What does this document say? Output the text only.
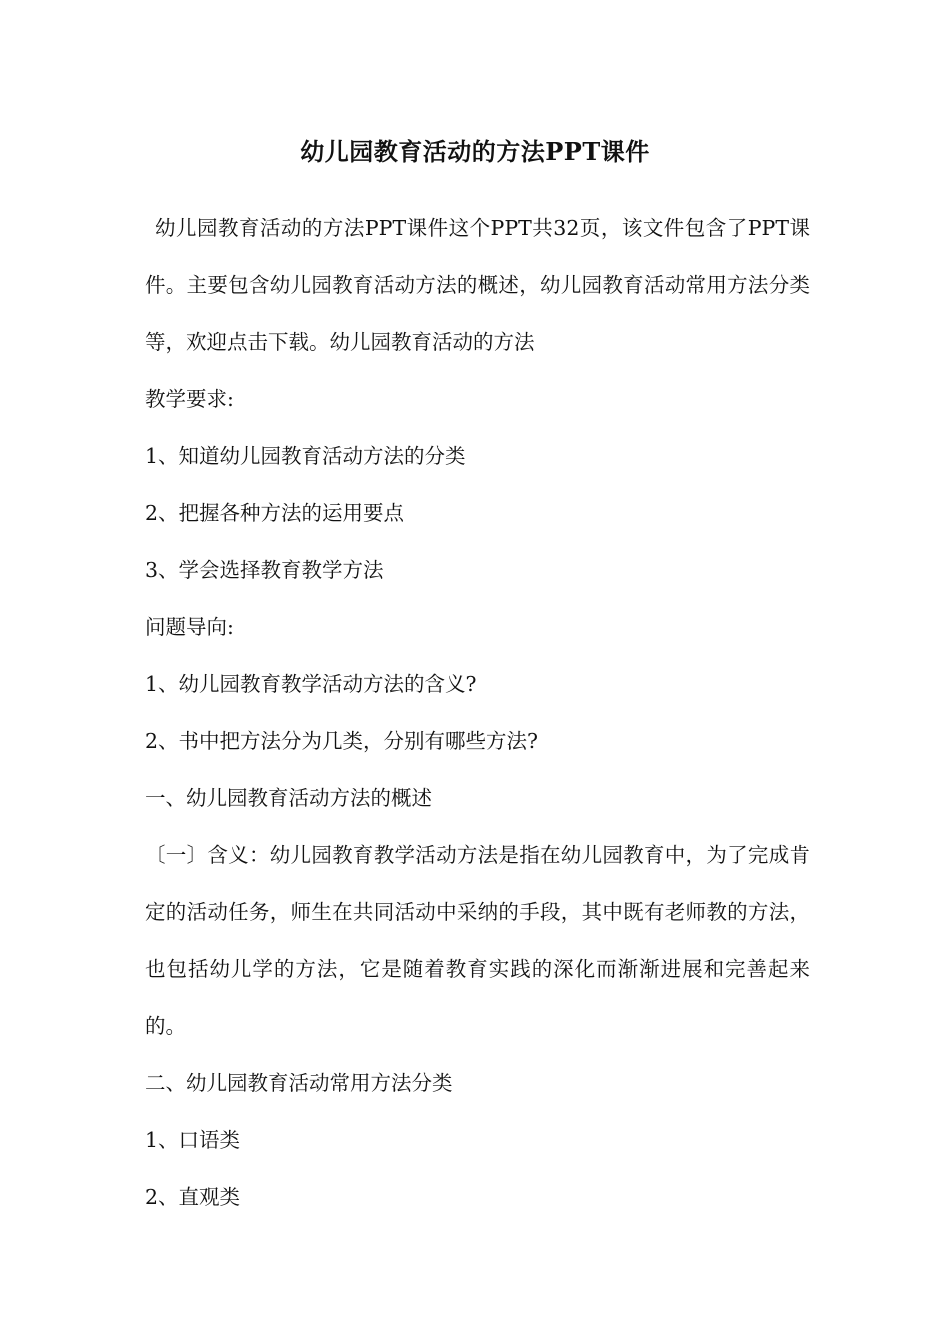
幼儿园教育活动的方法PPT课件

幼儿园教育活动的方法PPT课件这个PPT共32页，该文件包含了PPT课件。主要包含幼儿园教育活动方法的概述，幼儿园教育活动常用方法分类等，欢迎点击下载。幼儿园教育活动的方法

教学要求:

1、知道幼儿园教育活动方法的分类

2、把握各种方法的运用要点

3、学会选择教育教学方法

问题导向:

1、幼儿园教育教学活动方法的含义?

2、书中把方法分为几类，分别有哪些方法?

一、幼儿园教育活动方法的概述

〔一〕含义：幼儿园教育教学活动方法是指在幼儿园教育中，为了完成肯定的活动任务，师生在共同活动中采纳的手段，其中既有老师教的方法，也包括幼儿学的方法，它是随着教育实践的深化而渐渐进展和完善起来的。

二、幼儿园教育活动常用方法分类

1、口语类

2、直观类
